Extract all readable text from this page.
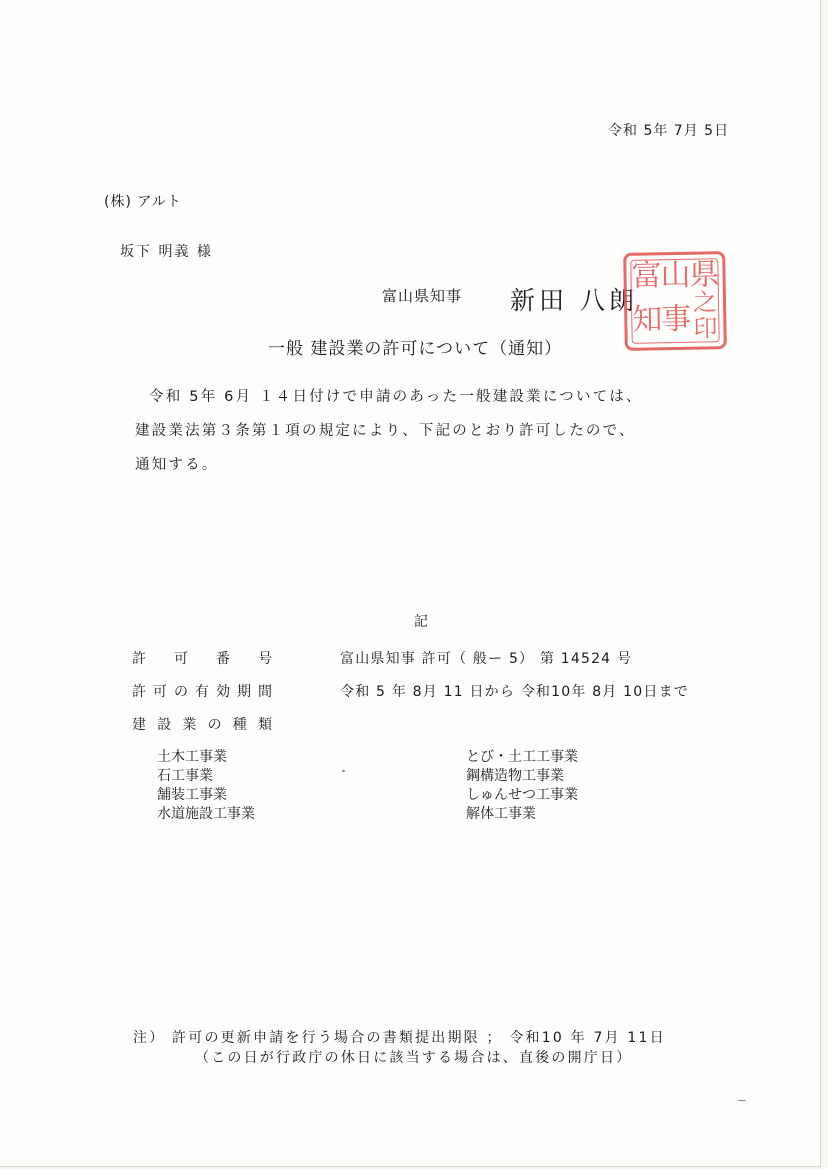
令和 5年 7月 5日
(株) アルト
坂下 明義 様
富山県知事 新田 八朗
県
山
富
知
事 之
印
一般 建設業の許可について（通知）
令和 5年 6月 １４日付けで申請のあった一般建設業については、
建設業法第３条第１項の規定により、下記のとおり許可したので、
通知する。
記
許 可 番 号	富山県知事 許可（ 般ー 5） 第 14524 号
許 可 の 有 効 期 間	令和 5 年 8月 11 日から 令和10年 8月 10日まで
建 設 業 の 種 類
土木工事業
石工事業
舗装工事業
水道施設工事業
とび・土工工事業
鋼構造物工事業
しゅんせつ工事業
解体工事業
注） 許可の更新申請を行う場合の書類提出期限 ； 令和10 年 7月 11日
（この日が行政庁の休日に該当する場合は、直後の開庁日）
